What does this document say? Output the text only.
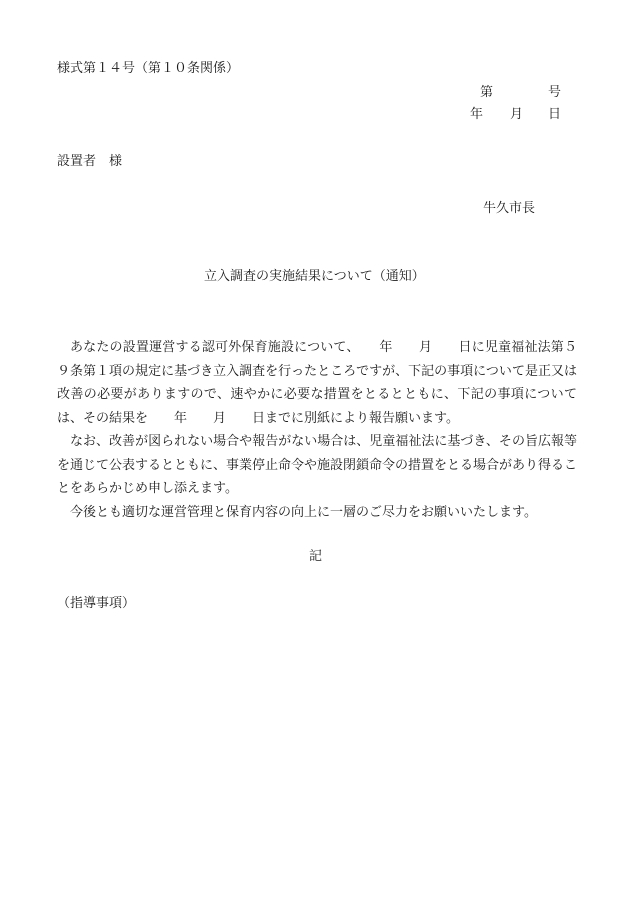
様式第１４号（第１０条関係）
第	号
年 月 日
設置者　様
牛久市長
立入調査の実施結果について（通知）

あなたの設置運営する認可外保育施設について、　　年　　月　　日に児童福祉法第５９条第１項の規定に基づき立入調査を行ったところですが、下記の事項について是正又は改善の必要がありますので、速やかに必要な措置をとるとともに、下記の事項については、その結果を　　年　　月　　日までに別紙により報告願います。

なお、改善が図られない場合や報告がない場合は、児童福祉法に基づき、その旨広報等を通じて公表するとともに、事業停止命令や施設閉鎖命令の措置をとる場合があり得ることをあらかじめ申し添えます。

今後とも適切な運営管理と保育内容の向上に一層のご尽力をお願いいたします。

記
（指導事項）
